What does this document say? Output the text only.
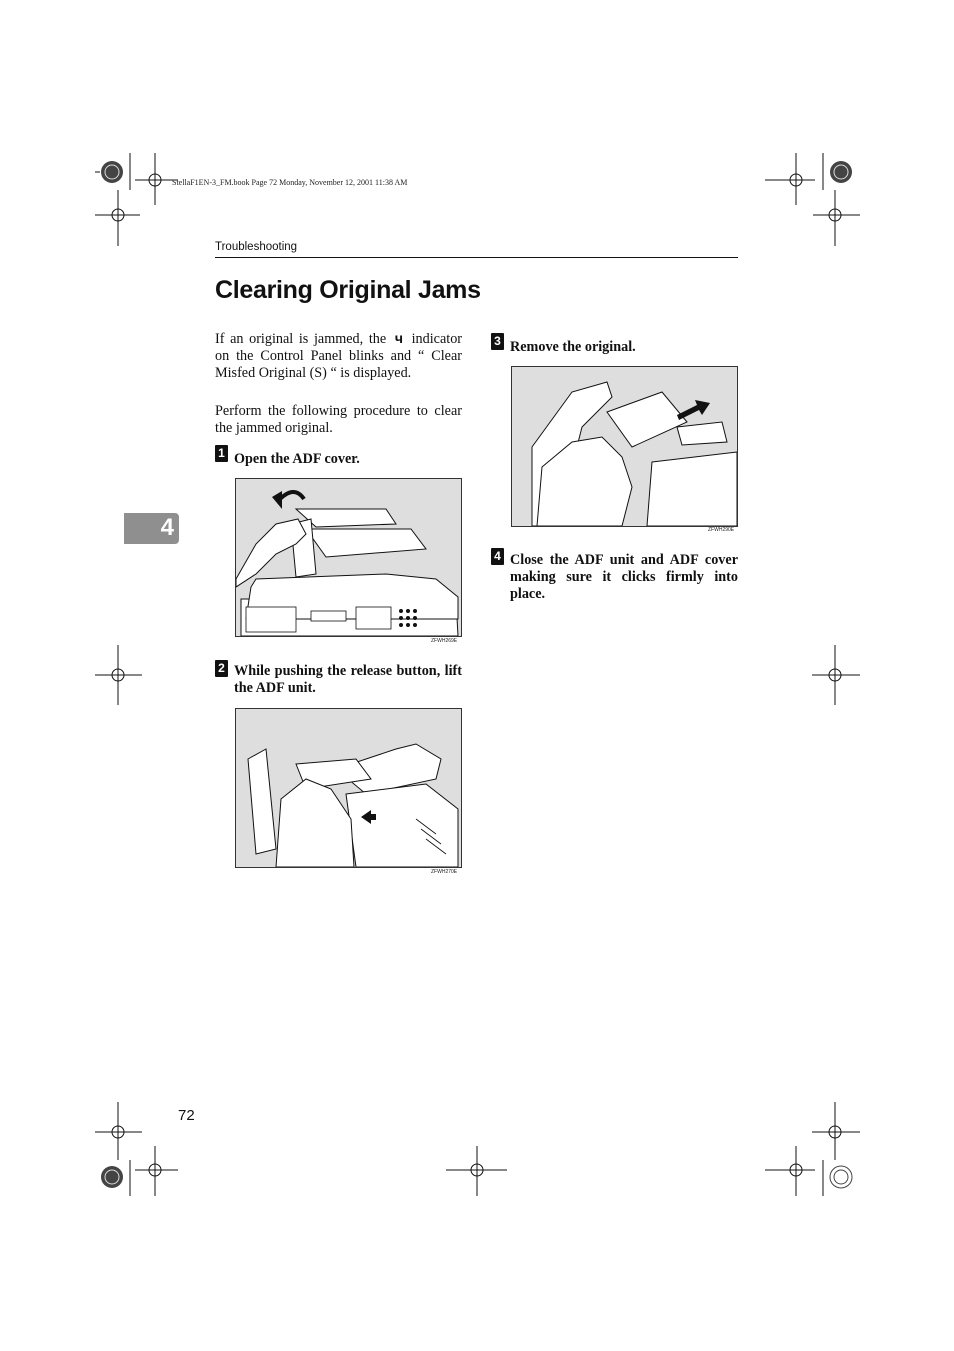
StellaF1EN-3_FM.book Page 72 Monday, November 12, 2001 11:38 AM
Troubleshooting
Clearing Original Jams
If an original is jammed, the ч indicator on the Control Panel blinks and “ Clear Misfed Original (S) “ is displayed.
Perform the following procedure to clear the jammed original.
1 Open the ADF cover.
ZFWH269E
2 While pushing the release button, lift the ADF unit.
ZFWH270E
3 Remove the original.
ZFWH290E
4 Close the ADF unit and ADF cover making sure it clicks firmly into place.
4
72
